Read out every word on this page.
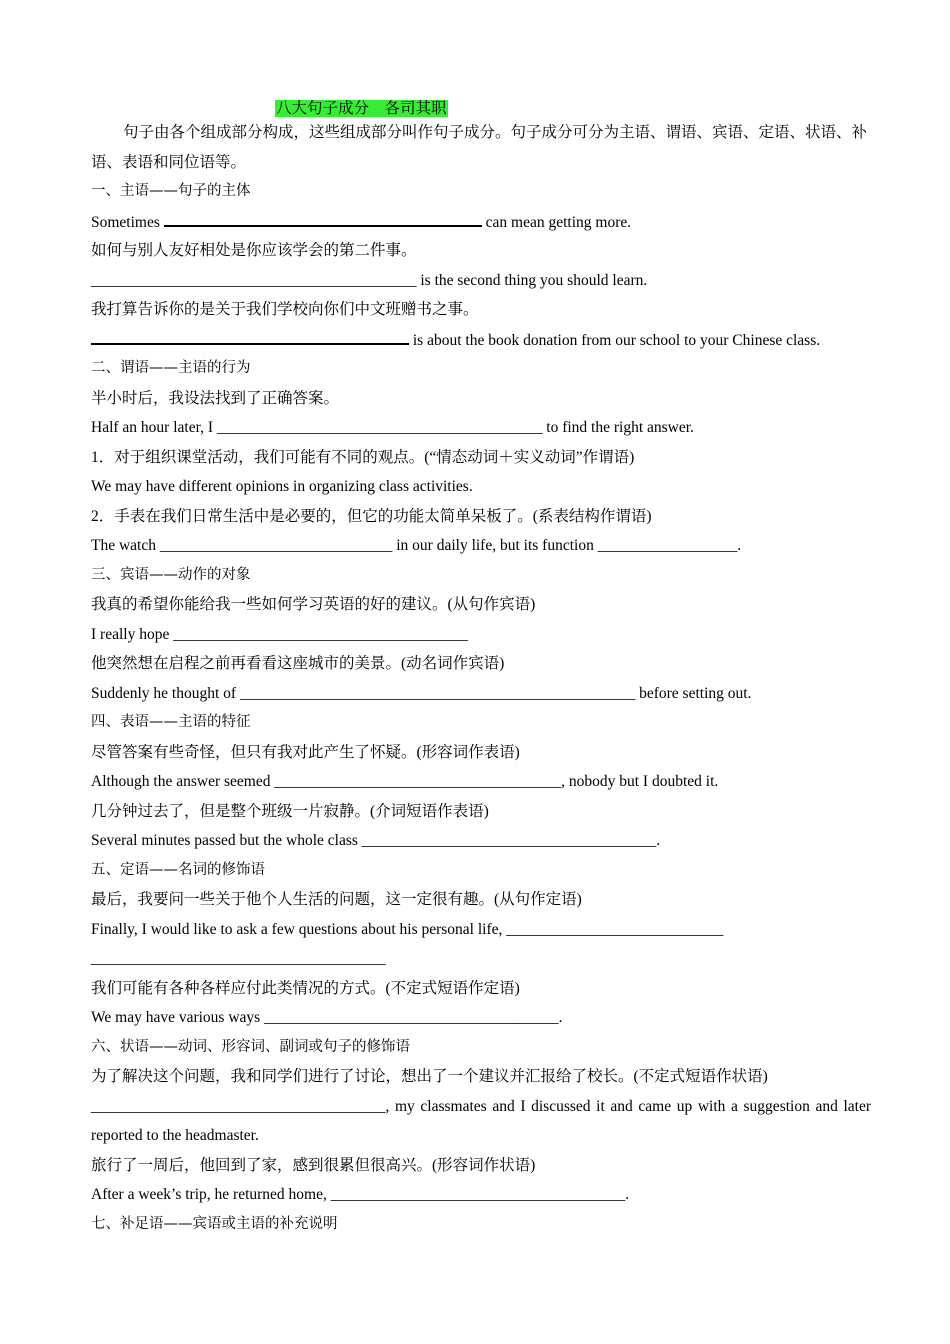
八大句子成分    各司其职
句子由各个组成部分构成，这些组成部分叫作句子成分。句子成分可分为主语、谓语、宾语、定语、状语、补语、表语和同位语等。
一、主语——句子的主体
Sometimes	can mean getting more.
如何与别人友好相处是你应该学会的第二件事。
__________________________________________ is the second thing you should learn.
我打算告诉你的是关于我们学校向你们中文班赠书之事。
is about the book donation from our school to your Chinese class.
二、谓语——主语的行为
半小时后，我设法找到了正确答案。
Half an hour later, I __________________________________________ to find the right answer.
1．对于组织课堂活动，我们可能有不同的观点。(“情态动词＋实义动词”作谓语)
We may have different opinions in organizing class activities.
2．手表在我们日常生活中是必要的，但它的功能太简单呆板了。(系表结构作谓语)
The watch ______________________________ in our daily life, but its function __________________.
三、宾语——动作的对象
我真的希望你能给我一些如何学习英语的好的建议。(从句作宾语)
I really hope ______________________________________
他突然想在启程之前再看看这座城市的美景。(动名词作宾语)
Suddenly he thought of ___________________________________________________ before setting out.
四、表语——主语的特征
尽管答案有些奇怪，但只有我对此产生了怀疑。(形容词作表语)
Although the answer seemed _____________________________________, nobody but I doubted it.
几分钟过去了，但是整个班级一片寂静。(介词短语作表语)
Several minutes passed but the whole class ______________________________________.
五、定语——名词的修饰语
最后，我要问一些关于他个人生活的问题，这一定很有趣。(从句作定语)
Finally, I would like to ask a few questions about his personal life, ____________________________
______________________________________
我们可能有各种各样应付此类情况的方式。(不定式短语作定语)
We may have various ways ______________________________________.
六、状语——动词、形容词、副词或句子的修饰语
为了解决这个问题，我和同学们进行了讨论，想出了一个建议并汇报给了校长。(不定式短语作状语)
______________________________________, my classmates and I discussed it and came up with a suggestion and later reported to the headmaster.
旅行了一周后，他回到了家，感到很累但很高兴。(形容词作状语)
After a week’s trip, he returned home, ______________________________________.
七、补足语——宾语或主语的补充说明
